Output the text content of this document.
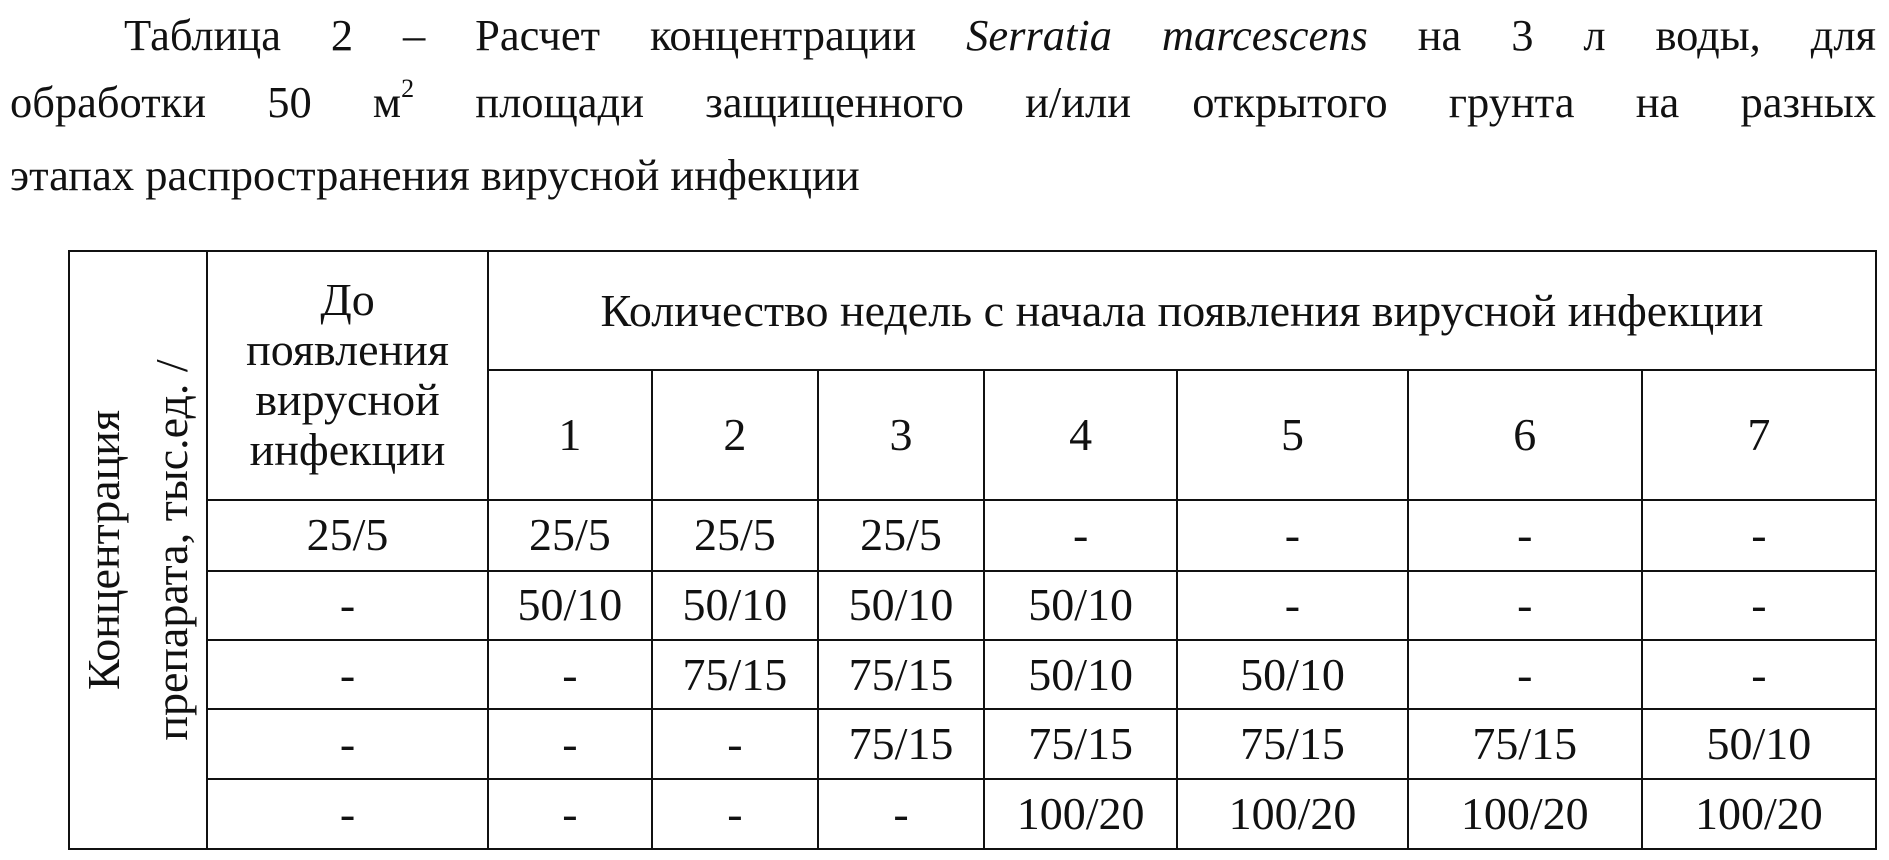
Таблица 2 – Расчет концентрации Serratia marcescens на 3 л воды, для
обработки 50 $м^2$ площади защищенного и/или открытого грунта на разных
этапах распространения вирусной инфекции
Концентрация препарата, тыс.ед. /	До
появления
вирусной
инфекции	Количество недель с начала появления вирусной инфекции						
		1	2	3	4	5	6	7
	25/5	25/5	25/5	25/5	-	-	-	-
	-	50/10	50/10	50/10	50/10	-	-	-
	-	-	75/15	75/15	50/10	50/10	-	-
	-	-	-	75/15	75/15	75/15	75/15	50/10
	-	-	-	-	100/20	100/20	100/20	100/20
